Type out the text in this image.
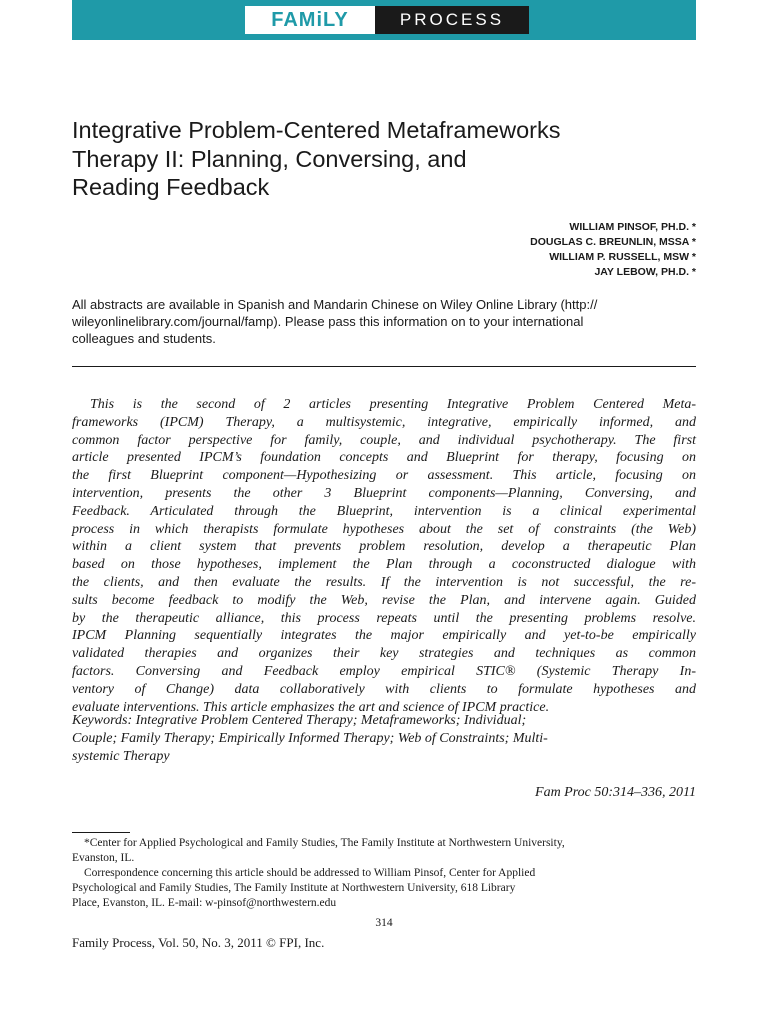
FAMiLY	PROCESS
Integrative Problem-Centered Metaframeworks
Therapy II: Planning, Conversing, and
Reading Feedback
WILLIAM PINSOF, PH.D. *
DOUGLAS C. BREUNLIN, MSSA *
WILLIAM P. RUSSELL, MSW *
JAY LEBOW, PH.D. *
All abstracts are available in Spanish and Mandarin Chinese on Wiley Online Library (http://
wileyonlinelibrary.com/journal/famp). Please pass this information on to your international
colleagues and students.
This is the second of 2 articles presenting Integrative Problem Centered Meta-
frameworks (IPCM) Therapy, a multisystemic, integrative, empirically informed, and
common factor perspective for family, couple, and individual psychotherapy. The first
article presented IPCM’s foundation concepts and Blueprint for therapy, focusing on
the first Blueprint component—Hypothesizing or assessment. This article, focusing on
intervention, presents the other 3 Blueprint components—Planning, Conversing, and
Feedback. Articulated through the Blueprint, intervention is a clinical experimental
process in which therapists formulate hypotheses about the set of constraints (the Web)
within a client system that prevents problem resolution, develop a therapeutic Plan
based on those hypotheses, implement the Plan through a coconstructed dialogue with
the clients, and then evaluate the results. If the intervention is not successful, the re-
sults become feedback to modify the Web, revise the Plan, and intervene again. Guided
by the therapeutic alliance, this process repeats until the presenting problems resolve.
IPCM Planning sequentially integrates the major empirically and yet-to-be empirically
validated therapies and organizes their key strategies and techniques as common
factors. Conversing and Feedback employ empirical STIC® (Systemic Therapy In-
ventory of Change) data collaboratively with clients to formulate hypotheses and
evaluate interventions. This article emphasizes the art and science of IPCM practice.
Keywords: Integrative Problem Centered Therapy; Metaframeworks; Individual;
Couple; Family Therapy; Empirically Informed Therapy; Web of Constraints; Multi-
systemic Therapy
Fam Proc 50:314–336, 2011
*Center for Applied Psychological and Family Studies, The Family Institute at Northwestern University,
Evanston, IL.
Correspondence concerning this article should be addressed to William Pinsof, Center for Applied
Psychological and Family Studies, The Family Institute at Northwestern University, 618 Library
Place, Evanston, IL. E-mail: w-pinsof@northwestern.edu
314
Family Process, Vol. 50, No. 3, 2011 © FPI, Inc.
